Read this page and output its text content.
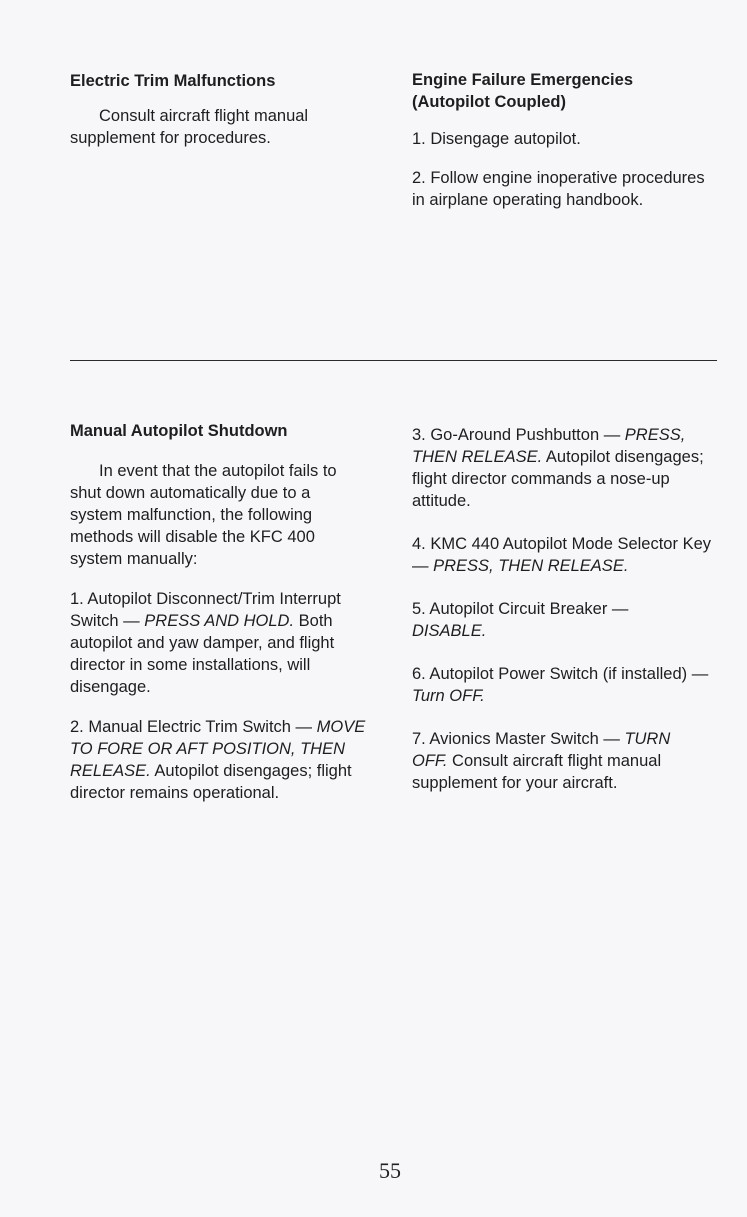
Electric Trim Malfunctions

Consult aircraft flight manual supplement for procedures.

Engine Failure Emergencies

(Autopilot Coupled)

1. Disengage autopilot.

2. Follow engine inoperative procedures in airplane operating handbook.

Manual Autopilot Shutdown

In event that the autopilot fails to shut down automatically due to a system malfunction, the following methods will disable the KFC 400 system manually:

1. Autopilot Disconnect/Trim Interrupt Switch — PRESS AND HOLD. Both autopilot and yaw damper, and flight director in some installations, will disengage.

2. Manual Electric Trim Switch — MOVE TO FORE OR AFT POSITION, THEN RELEASE. Autopilot disengages; flight director remains operational.

3. Go-Around Pushbutton — PRESS, THEN RELEASE. Autopilot disengages; flight director commands a nose-up attitude.

4. KMC 440 Autopilot Mode Selector Key — PRESS, THEN RELEASE.

5. Autopilot Circuit Breaker — DISABLE.

6. Autopilot Power Switch (if installed) —Turn OFF.

7. Avionics Master Switch — TURN OFF. Consult aircraft flight manual supplement for your aircraft.

55
